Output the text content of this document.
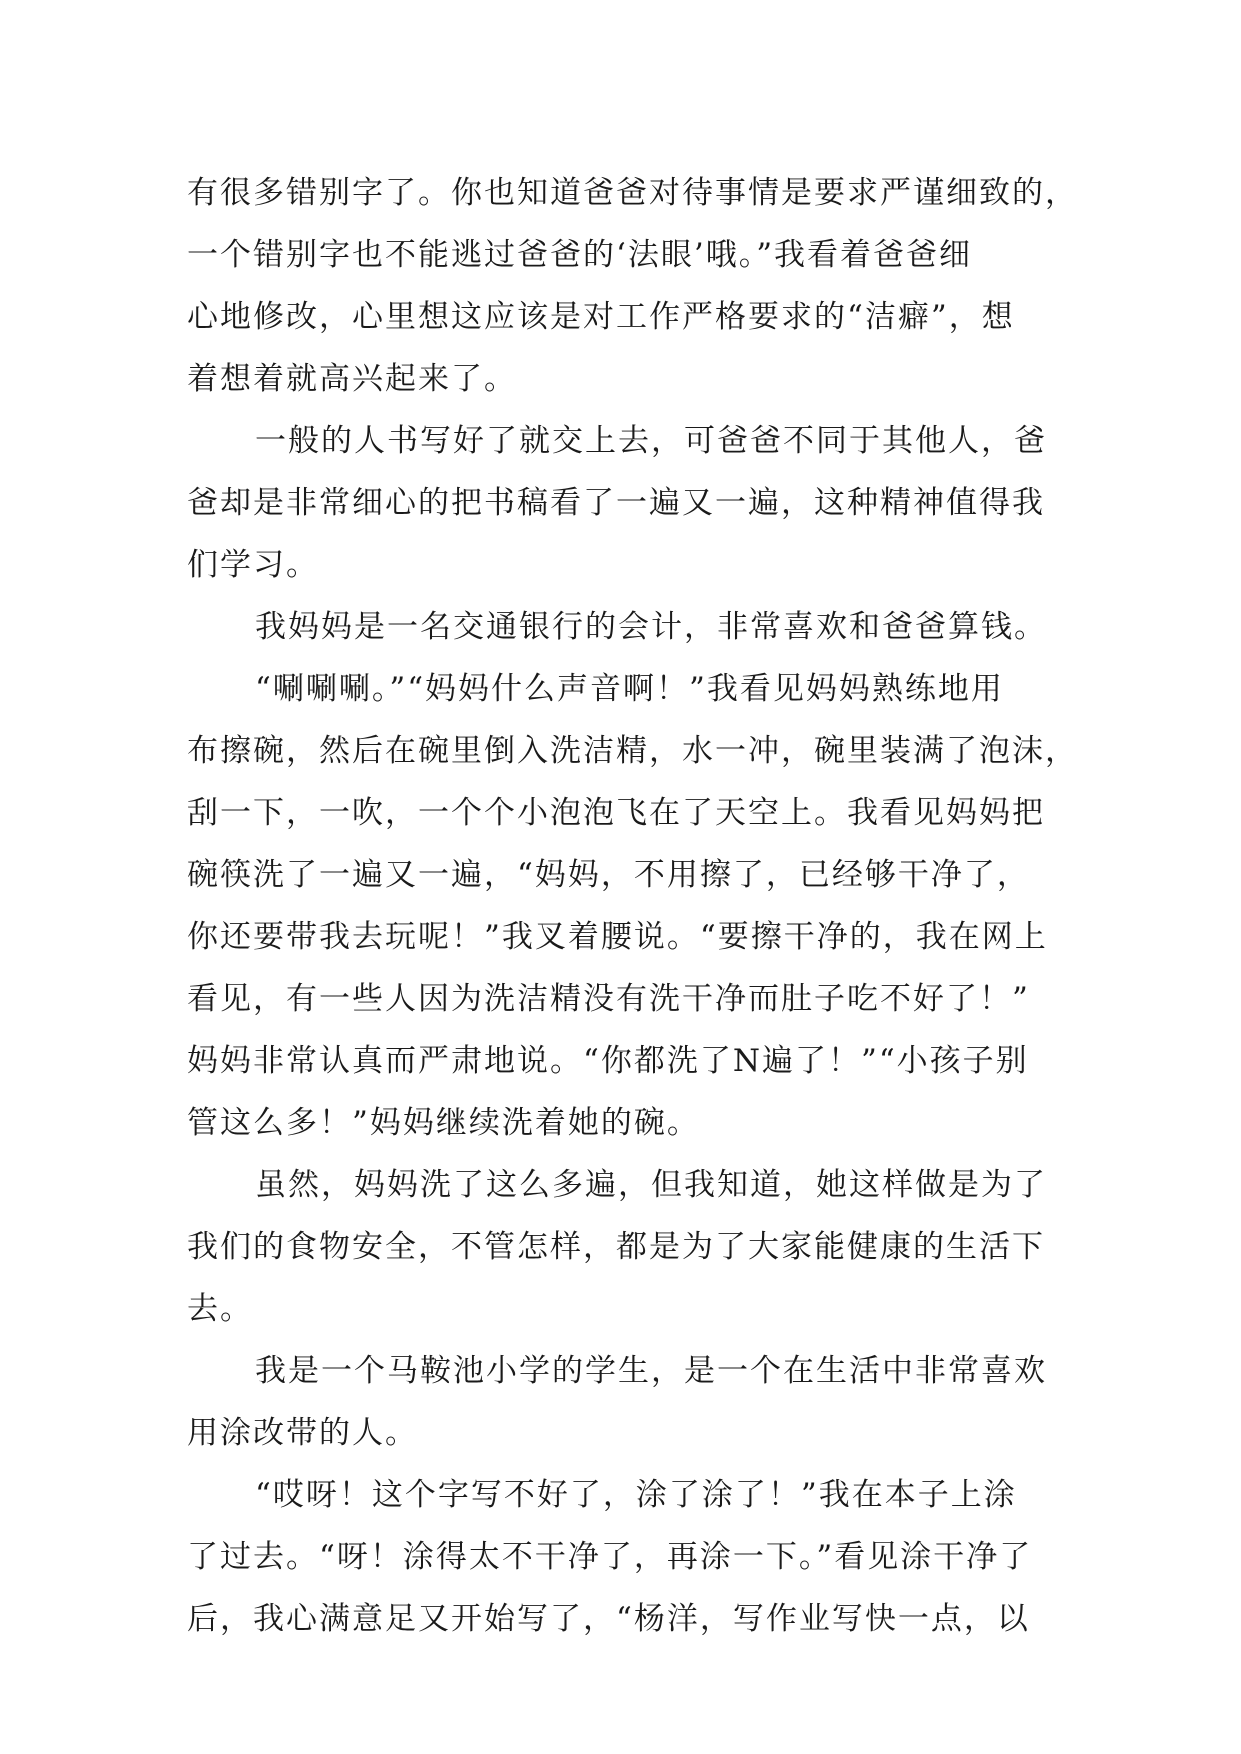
有很多错别字了。你也知道爸爸对待事情是要求严谨细致的，
一个错别字也不能逃过爸爸的‘法眼’哦。”我看着爸爸细
心地修改，心里想这应该是对工作严格要求的“洁癖”，想
着想着就高兴起来了。
一般的人书写好了就交上去，可爸爸不同于其他人，爸
爸却是非常细心的把书稿看了一遍又一遍，这种精神值得我
们学习。
我妈妈是一名交通银行的会计，非常喜欢和爸爸算钱。
“唰唰唰。”“妈妈什么声音啊！”我看见妈妈熟练地用
布擦碗，然后在碗里倒入洗洁精，水一冲，碗里装满了泡沫，
刮一下，一吹，一个个小泡泡飞在了天空上。我看见妈妈把
碗筷洗了一遍又一遍，“妈妈，不用擦了，已经够干净了，
你还要带我去玩呢！”我叉着腰说。“要擦干净的，我在网上
看见，有一些人因为洗洁精没有洗干净而肚子吃不好了！”
妈妈非常认真而严肃地说。“你都洗了N遍了！”“小孩子别
管这么多！”妈妈继续洗着她的碗。
虽然，妈妈洗了这么多遍，但我知道，她这样做是为了
我们的食物安全，不管怎样，都是为了大家能健康的生活下
去。
我是一个马鞍池小学的学生，是一个在生活中非常喜欢
用涂改带的人。
“哎呀！这个字写不好了，涂了涂了！”我在本子上涂
了过去。“呀！涂得太不干净了，再涂一下。”看见涂干净了
后，我心满意足又开始写了，“杨洋，写作业写快一点，以
